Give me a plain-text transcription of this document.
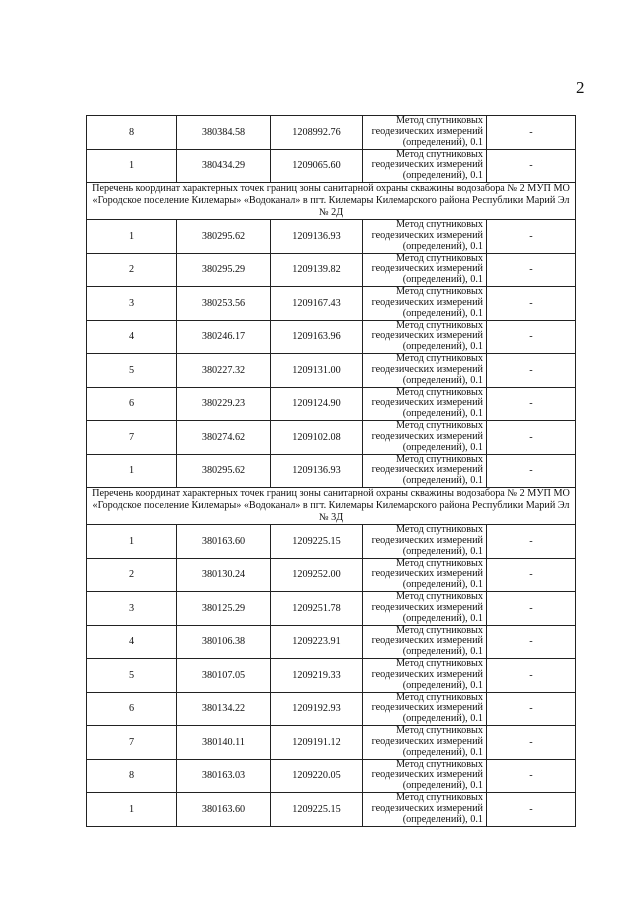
2
8	380384.58	1208992.76	Метод спутниковых
геодезических измерений
(определений), 0.1	-
1	380434.29	1209065.60	Метод спутниковых
геодезических измерений
(определений), 0.1	-
Перечень координат характерных точек границ зоны санитарной охраны скважины водозабора № 2 МУП МО «Городское поселение Килемары» «Водоканал» в пгт. Килемары Килемарского района Республики Марий Эл № 2Д				
1	380295.62	1209136.93	Метод спутниковых
геодезических измерений
(определений), 0.1	-
2	380295.29	1209139.82	Метод спутниковых
геодезических измерений
(определений), 0.1	-
3	380253.56	1209167.43	Метод спутниковых
геодезических измерений
(определений), 0.1	-
4	380246.17	1209163.96	Метод спутниковых
геодезических измерений
(определений), 0.1	-
5	380227.32	1209131.00	Метод спутниковых
геодезических измерений
(определений), 0.1	-
6	380229.23	1209124.90	Метод спутниковых
геодезических измерений
(определений), 0.1	-
7	380274.62	1209102.08	Метод спутниковых
геодезических измерений
(определений), 0.1	-
1	380295.62	1209136.93	Метод спутниковых
геодезических измерений
(определений), 0.1	-
Перечень координат характерных точек границ зоны санитарной охраны скважины водозабора № 2 МУП МО «Городское поселение Килемары» «Водоканал» в пгт. Килемары Килемарского района Республики Марий Эл № 3Д				
1	380163.60	1209225.15	Метод спутниковых
геодезических измерений
(определений), 0.1	-
2	380130.24	1209252.00	Метод спутниковых
геодезических измерений
(определений), 0.1	-
3	380125.29	1209251.78	Метод спутниковых
геодезических измерений
(определений), 0.1	-
4	380106.38	1209223.91	Метод спутниковых
геодезических измерений
(определений), 0.1	-
5	380107.05	1209219.33	Метод спутниковых
геодезических измерений
(определений), 0.1	-
6	380134.22	1209192.93	Метод спутниковых
геодезических измерений
(определений), 0.1	-
7	380140.11	1209191.12	Метод спутниковых
геодезических измерений
(определений), 0.1	-
8	380163.03	1209220.05	Метод спутниковых
геодезических измерений
(определений), 0.1	-
1	380163.60	1209225.15	Метод спутниковых
геодезических измерений
(определений), 0.1	-
